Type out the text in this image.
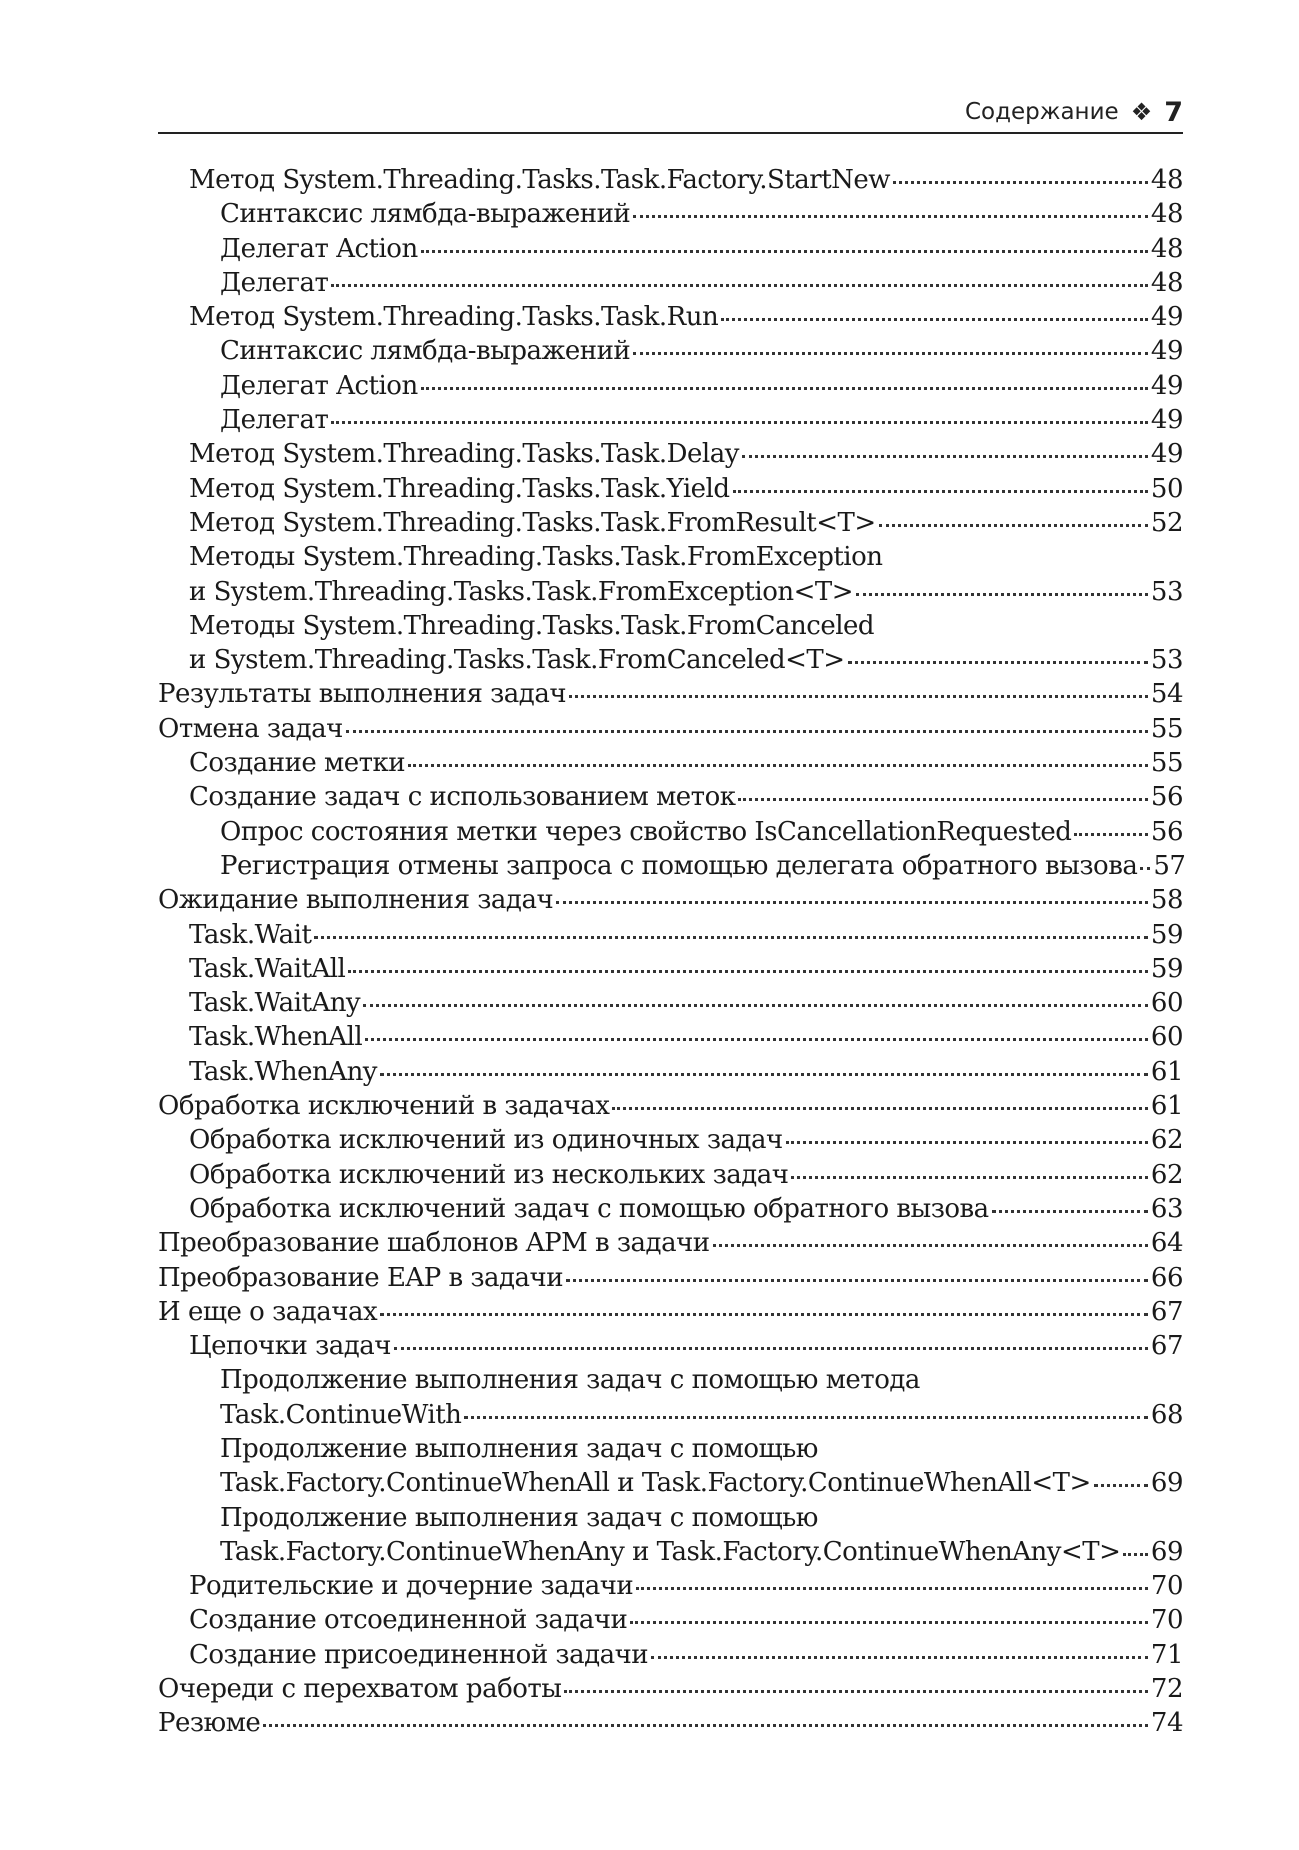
Содержание ❖ 7
Метод System.Threading.Tasks.Task.Factory.StartNew	48
Синтаксис лямбда-выражений	48
Делегат Action	48
Делегат	48
Метод System.Threading.Tasks.Task.Run	49
Синтаксис лямбда-выражений	49
Делегат Action	49
Делегат	49
Метод System.Threading.Tasks.Task.Delay	49
Метод System.Threading.Tasks.Task.Yield	50
Метод System.Threading.Tasks.Task.FromResult<T>	52
Методы System.Threading.Tasks.Task.FromException
и System.Threading.Tasks.Task.FromException<T>	53
Методы System.Threading.Tasks.Task.FromCanceled
и System.Threading.Tasks.Task.FromCanceled<T>	53
Результаты выполнения задач	54
Отмена задач	55
Создание метки	55
Создание задач с использованием меток	56
Опрос состояния метки через свойство IsCancellationRequested	56
Регистрация отмены запроса с помощью делегата обратного вызова 57
Ожидание выполнения задач	58
Task.Wait	59
Task.WaitAll	59
Task.WaitAny	60
Task.WhenAll	60
Task.WhenAny	61
Обработка исключений в задачах	61
Обработка исключений из одиночных задач	62
Обработка исключений из нескольких задач	62
Обработка исключений задач с помощью обратного вызова	63
Преобразование шаблонов APM в задачи	64
Преобразование EAP в задачи	66
И еще о задачах	67
Цепочки задач	67
Продолжение выполнения задач с помощью метода
Task.ContinueWith	68
Продолжение выполнения задач с помощью
Task.Factory.ContinueWhenAll и Task.Factory.ContinueWhenAll<T> 69
Продолжение выполнения задач с помощью
Task.Factory.ContinueWhenAny и Task.Factory.ContinueWhenAny<T> 69
Родительские и дочерние задачи	70
Создание отсоединенной задачи	70
Создание присоединенной задачи	71
Очереди с перехватом работы	72
Резюме	74
